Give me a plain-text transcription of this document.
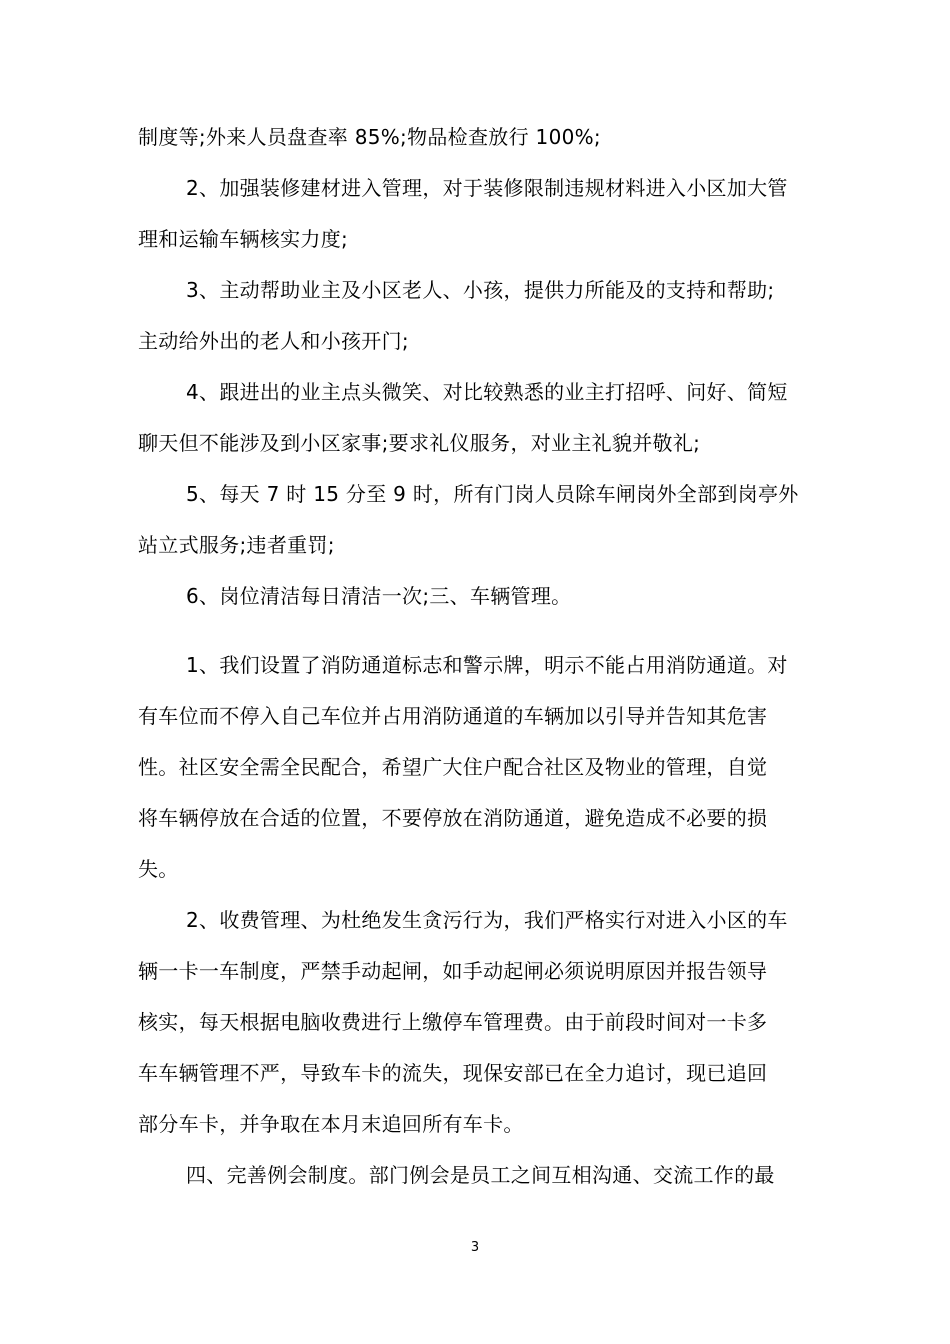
制度等;外来人员盘查率 85%;物品检查放行 100%;
2、加强装修建材进入管理，对于装修限制违规材料进入小区加大管
理和运输车辆核实力度;
3、主动帮助业主及小区老人、小孩，提供力所能及的支持和帮助;
主动给外出的老人和小孩开门;
4、跟进出的业主点头微笑、对比较熟悉的业主打招呼、问好、简短
聊天但不能涉及到小区家事;要求礼仪服务，对业主礼貌并敬礼;
5、每天 7 时 15 分至 9 时，所有门岗人员除车闸岗外全部到岗亭外
站立式服务;违者重罚;
6、岗位清洁每日清洁一次;三、车辆管理。
1、我们设置了消防通道标志和警示牌，明示不能占用消防通道。对
有车位而不停入自己车位并占用消防通道的车辆加以引导并告知其危害
性。社区安全需全民配合，希望广大住户配合社区及物业的管理，自觉
将车辆停放在合适的位置，不要停放在消防通道，避免造成不必要的损
失。
2、收费管理、为杜绝发生贪污行为，我们严格实行对进入小区的车
辆一卡一车制度，严禁手动起闸，如手动起闸必须说明原因并报告领导
核实，每天根据电脑收费进行上缴停车管理费。由于前段时间对一卡多
车车辆管理不严，导致车卡的流失，现保安部已在全力追讨，现已追回
部分车卡，并争取在本月末追回所有车卡。
四、完善例会制度。部门例会是员工之间互相沟通、交流工作的最
3
